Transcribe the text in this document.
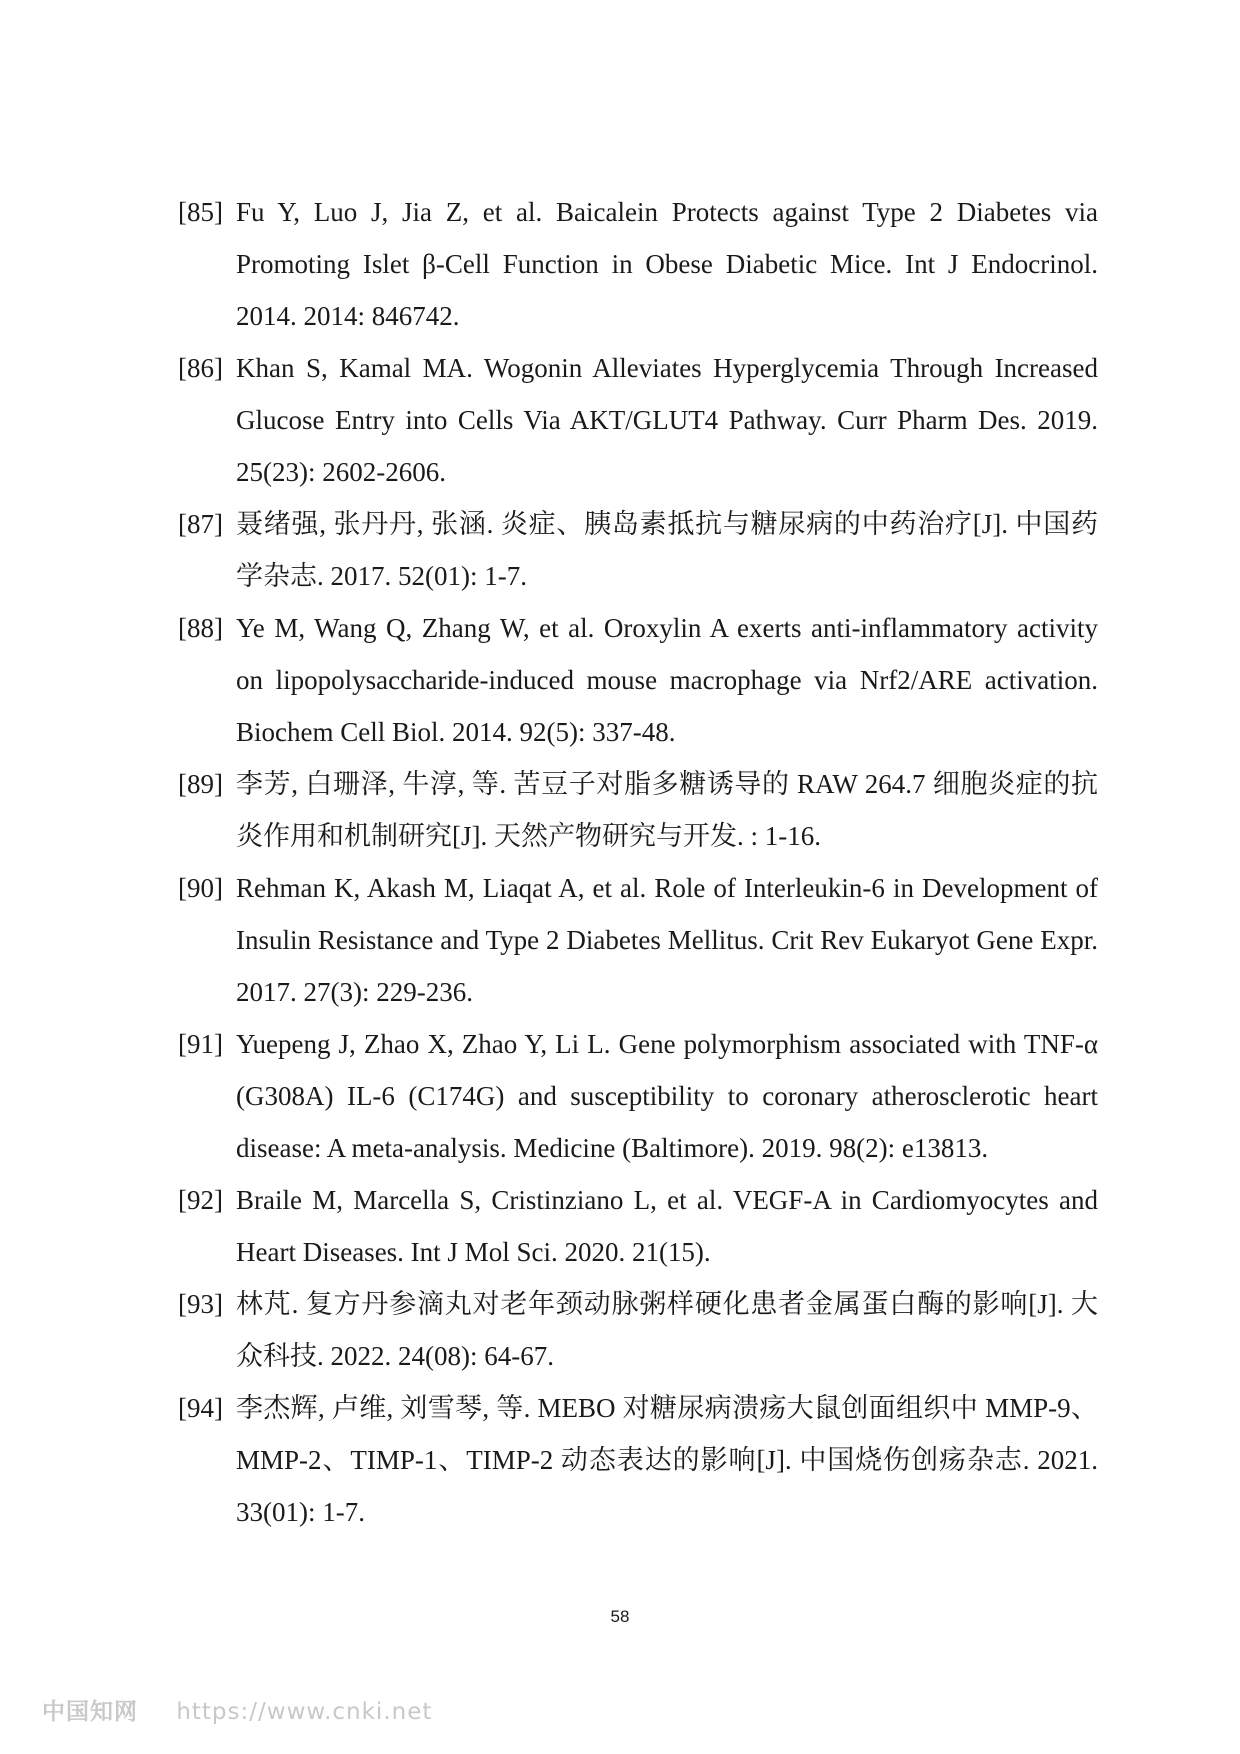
[85] Fu Y, Luo J, Jia Z, et al. Baicalein Protects against Type 2 Diabetes via Promoting Islet β-Cell Function in Obese Diabetic Mice. Int J Endocrinol. 2014. 2014: 846742.
[86] Khan S, Kamal MA. Wogonin Alleviates Hyperglycemia Through Increased Glucose Entry into Cells Via AKT/GLUT4 Pathway. Curr Pharm Des. 2019. 25(23): 2602-2606.
[87] 聂绪强, 张丹丹, 张涵. 炎症、胰岛素抵抗与糖尿病的中药治疗[J]. 中国药学杂志. 2017. 52(01): 1-7.
[88] Ye M, Wang Q, Zhang W, et al. Oroxylin A exerts anti-inflammatory activity on lipopolysaccharide-induced mouse macrophage via Nrf2/ARE activation. Biochem Cell Biol. 2014. 92(5): 337-48.
[89] 李芳, 白珊泽, 牛淳, 等. 苦豆子对脂多糖诱导的 RAW 264.7 细胞炎症的抗炎作用和机制研究[J]. 天然产物研究与开发. : 1-16.
[90] Rehman K, Akash M, Liaqat A, et al. Role of Interleukin-6 in Development of Insulin Resistance and Type 2 Diabetes Mellitus. Crit Rev Eukaryot Gene Expr. 2017. 27(3): 229-236.
[91] Yuepeng J, Zhao X, Zhao Y, Li L. Gene polymorphism associated with TNF-α (G308A) IL-6 (C174G) and susceptibility to coronary atherosclerotic heart disease: A meta-analysis. Medicine (Baltimore). 2019. 98(2): e13813.
[92] Braile M, Marcella S, Cristinziano L, et al. VEGF-A in Cardiomyocytes and Heart Diseases. Int J Mol Sci. 2020. 21(15).
[93] 林芃. 复方丹参滴丸对老年颈动脉粥样硬化患者金属蛋白酶的影响[J]. 大众科技. 2022. 24(08): 64-67.
[94] 李杰辉, 卢维, 刘雪琴, 等. MEBO 对糖尿病溃疡大鼠创面组织中 MMP-9、MMP-2、TIMP-1、TIMP-2 动态表达的影响[J]. 中国烧伤创疡杂志. 2021. 33(01): 1-7.
58
中国知网 https://www.cnki.net
